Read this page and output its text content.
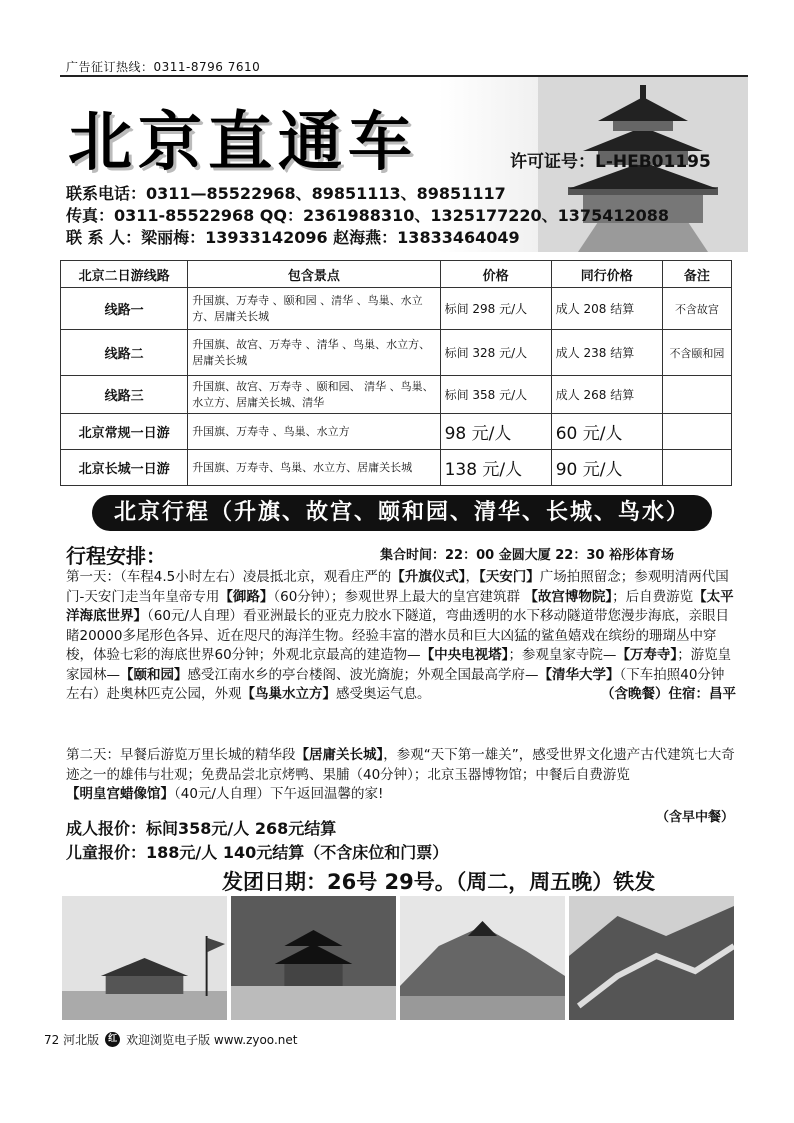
广告征订热线：0311-8796 7610
北京直通车	许可证号：L-HEB01195
联系电话：0311—85522968、89851113、89851117
传真：0311-85522968 QQ：2361988310、1325177220、1375412088
联 系 人：梁丽梅：13933142096 赵海燕：13833464049
北京二日游线路	包含景点	价格	同行价格	备注
线路一	升国旗、万寿寺 、颐和园 、清华 、鸟巢、水立方、居庸关长城	标间 298 元/人	成人 208 结算	不含故宫
线路二	升国旗、故宫、万寿寺 、清华 、鸟巢、水立方、居庸关长城	标间 328 元/人	成人 238 结算	不含颐和园
线路三	升国旗、故宫、万寿寺 、颐和园、 清华 、鸟巢、水立方、居庸关长城、清华	标间 358 元/人	成人 268 结算	
北京常规一日游	升国旗、万寿寺 、鸟巢、水立方	98 元/人	60 元/人	
北京长城一日游	升国旗、万寿寺、鸟巢、水立方、居庸关长城	138 元/人	90 元/人	
北京行程（升旗、故宫、颐和园、清华、长城、鸟水）
行程安排：	集合时间：22：00 金圆大厦 22：30 裕彤体育场
第一天：（车程4.5小时左右）凌晨抵北京，观看庄严的【升旗仪式】，【天安门】广场拍照留念；参观明清两代国门-天安门走当年皇帝专用【御路】（60分钟）；参观世界上最大的皇宫建筑群 【故宫博物院】；后自费游览【太平洋海底世界】（60元/人自理）看亚洲最长的亚克力胶水下隧道，弯曲透明的水下移动隧道带您漫步海底，亲眼目睹20000多尾形色各异、近在咫尺的海洋生物。经验丰富的潜水员和巨大凶猛的鲨鱼嬉戏在缤纷的珊瑚丛中穿梭，体验七彩的海底世界60分钟；外观北京最高的建造物—【中央电视塔】；参观皇家寺院—【万寿寺】；游览皇家园林—【颐和园】感受江南水乡的亭台楼阁、波光旖旎；外观全国最高学府—【清华大学】（下车拍照40分钟左右）赴奥林匹克公园，外观【鸟巢水立方】感受奥运气息。	（含晚餐）住宿：昌平
第二天：早餐后游览万里长城的精华段【居庸关长城】，参观“天下第一雄关”，感受世界文化遗产古代建筑七大奇迹之一的雄伟与壮观；免费品尝北京烤鸭、果脯（40分钟）；北京玉器博物馆；中餐后自费游览【明皇宫蜡像馆】（40元/人自理）下午返回温馨的家!
（含早中餐）
成人报价：标间358元/人 268元结算
儿童报价：188元/人 140元结算（不含床位和门票）
发团日期：26号 29号。（周二，周五晚）铁发
72 河北版 红 欢迎浏览电子版 www.zyoo.net
